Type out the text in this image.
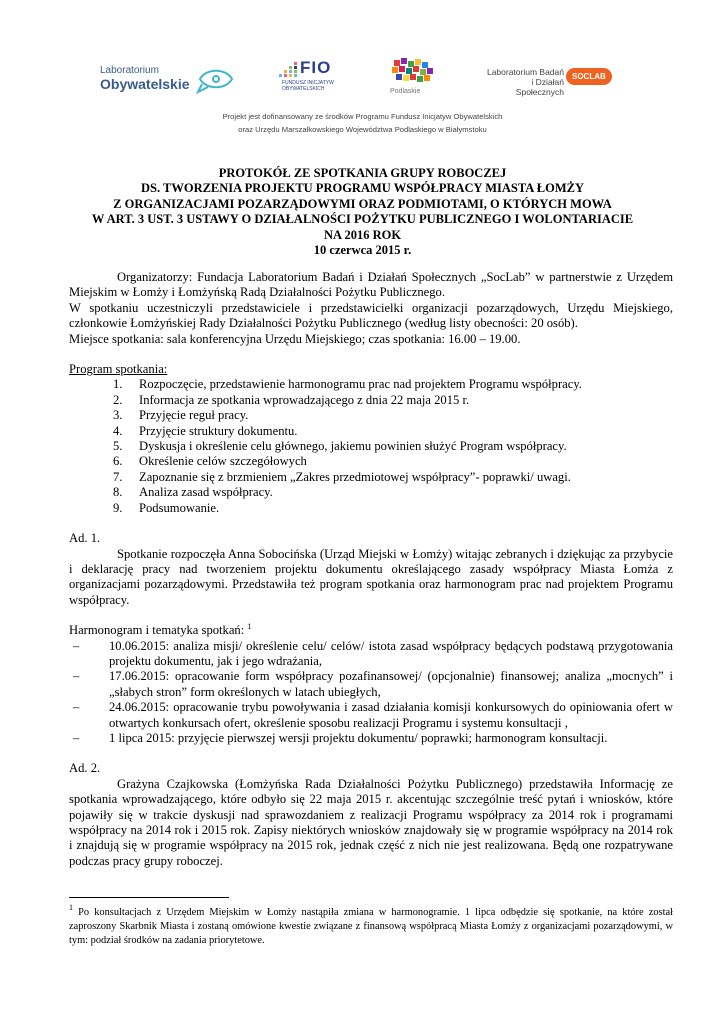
Laboratorium
Obywatelskie
FIO
FUNDUSZ INICJATYW
OBYWATELSKICH	Podlaskie
Laboratorium Badań
i Działań Społecznych
SOCLAB
Projekt jest dofinansowany ze środków Programu Fundusz Inicjatyw Obywatelskich
oraz Urzędu Marszałkowskiego Województwa Podlaskiego w Białymstoku
PROTOKÓŁ ZE SPOTKANIA GRUPY ROBOCZEJ
DS. TWORZENIA PROJEKTU PROGRAMU WSPÓŁPRACY MIASTA ŁOMŻY
Z ORGANIZACJAMI POZARZĄDOWYMI ORAZ PODMIOTAMI, O KTÓRYCH MOWA
W ART. 3 UST. 3 USTAWY O DZIAŁALNOŚCI POŻYTKU PUBLICZNEGO I WOLONTARIACIE
NA 2016 ROK
10 czerwca 2015 r.

Organizatorzy: Fundacja Laboratorium Badań i Działań Społecznych „SocLab” w partnerstwie z Urzędem Miejskim w Łomży i Łomżyńską Radą Działalności Pożytku Publicznego.

W spotkaniu uczestniczyli przedstawiciele i przedstawicielki organizacji pozarządowych, Urzędu Miejskiego, członkowie Łomżyńskiej Rady Działalności Pożytku Publicznego (według listy obecności: 20 osób).

Miejsce spotkania: sala konferencyjna Urzędu Miejskiego; czas spotkania: 16.00 – 19.00.

Program spotkania:

1. Rozpoczęcie, przedstawienie harmonogramu prac nad projektem Programu współpracy.
2. Informacja ze spotkania wprowadzającego z dnia 22 maja 2015 r.
3. Przyjęcie reguł pracy.
4. Przyjęcie struktury dokumentu.
5. Dyskusja i określenie celu głównego, jakiemu powinien służyć Program współpracy.
6. Określenie celów szczegółowych
7. Zapoznanie się z brzmieniem „Zakres przedmiotowej współpracy”- poprawki/ uwagi.
8. Analiza zasad współpracy.
9. Podsumowanie.

Ad. 1.

Spotkanie rozpoczęła Anna Sobocińska (Urząd Miejski w Łomży) witając zebranych i dziękując za przybycie i deklarację pracy nad tworzeniem projektu dokumentu określającego zasady współpracy Miasta Łomża z organizacjami pozarządowymi. Przedstawiła też program spotkania oraz harmonogram prac nad projektem Programu współpracy.

Harmonogram i tematyka spotkań: $^1$

– 10.06.2015: analiza misji/ określenie celu/ celów/ istota zasad współpracy będących podstawą przygotowania projektu dokumentu, jak i jego wdrażania,
– 17.06.2015: opracowanie form współpracy pozafinansowej/ (opcjonalnie) finansowej; analiza „mocnych” i „słabych stron” form określonych w latach ubiegłych,
– 24.06.2015: opracowanie trybu powoływania i zasad działania komisji konkursowych do opiniowania ofert w otwartych konkursach ofert, określenie sposobu realizacji Programu i systemu konsultacji ,
– 1 lipca 2015: przyjęcie pierwszej wersji projektu dokumentu/ poprawki; harmonogram konsultacji.

Ad. 2.

Grażyna Czajkowska (Łomżyńska Rada Działalności Pożytku Publicznego) przedstawiła Informację ze spotkania wprowadzającego, które odbyło się 22 maja 2015 r. akcentując szczególnie treść pytań i wniosków, które pojawiły się w trakcie dyskusji nad sprawozdaniem z realizacji Programu współpracy za 2014 rok i programami współpracy na 2014 rok i 2015 rok. Zapisy niektórych wniosków znajdowały się w programie współpracy na 2014 rok i znajdują się w programie współpracy na 2015 rok, jednak część z nich nie jest realizowana. Będą one rozpatrywane podczas pracy grupy roboczej.

$^1$ Po konsultacjach z Urzędem Miejskim w Łomży nastąpiła zmiana w harmonogramie. 1 lipca odbędzie się spotkanie, na które został zaproszony Skarbnik Miasta i zostaną omówione kwestie związane z finansową współpracą Miasta Łomży z organizacjami pozarządowymi, w tym: podział środków na zadania priorytetowe.
